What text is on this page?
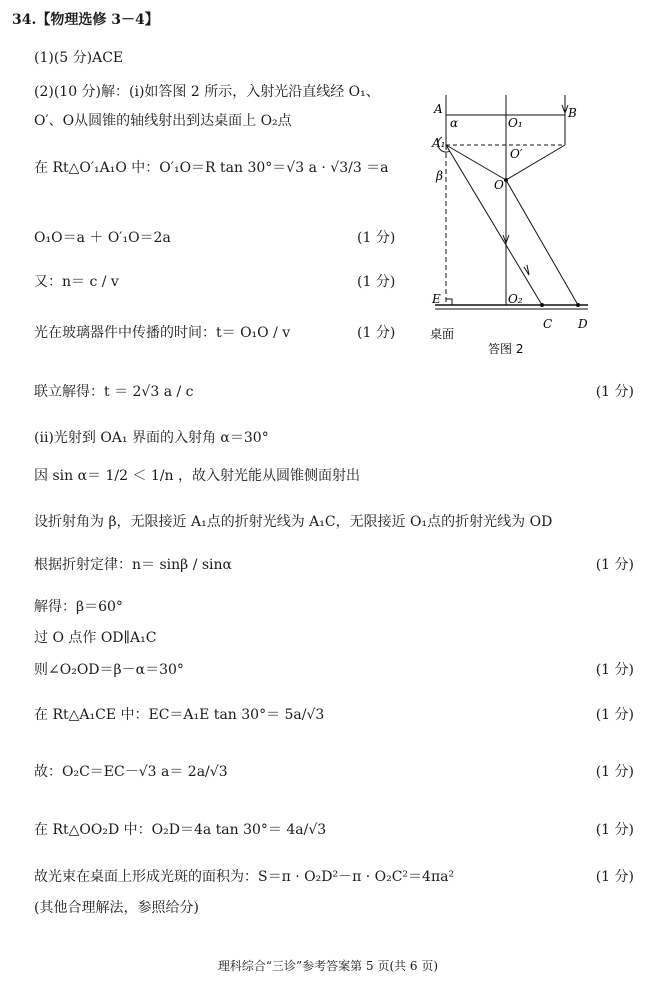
34.【物理选修 3－4】
(1)(5 分)ACE
(2)(10 分)解：(i)如答图 2 所示，入射光沿直线经 O₁、
O′、O从圆锥的轴线射出到达桌面上 O₂点
在 Rt△O′₁A₁O 中：O′₁O＝R tan 30°＝√3 a · √3/3 ＝a
O₁O＝a ＋ O′₁O＝2a	(1 分)
又：n＝ c / v	(1 分)
光在玻璃器件中传播的时间：t＝ O₁O / v	(1 分)
联立解得：t ＝ 2√3 a / c	(1 分)
(ii)光射到 OA₁ 界面的入射角 α＝30°
因 sin α＝ 1/2 ＜ 1/n ，故入射光能从圆锥侧面射出
设折射角为 β，无限接近 A₁点的折射光线为 A₁C，无限接近 O₁点的折射光线为 OD
根据折射定律：n＝ sinβ / sinα	(1 分)
解得：β＝60°
过 O 点作 OD∥A₁C
则∠O₂OD＝β－α＝30°	(1 分)
在 Rt△A₁CE 中：EC＝A₁E tan 30°＝ 5a/√3	(1 分)
故：O₂C＝EC－√3 a＝ 2a/√3	(1 分)
在 Rt△OO₂D 中：O₂D＝4a tan 30°＝ 4a/√3	(1 分)
故光束在桌面上形成光斑的面积为：S＝π · O₂D²－π · O₂C²＝4πa²	(1 分)
(其他合理解法，参照给分)
A	B
O₁
α
A₁
O′
O
β
E	O₂
C D
桌面
答图 2
理科综合“三诊”参考答案第 5 页(共 6 页)
